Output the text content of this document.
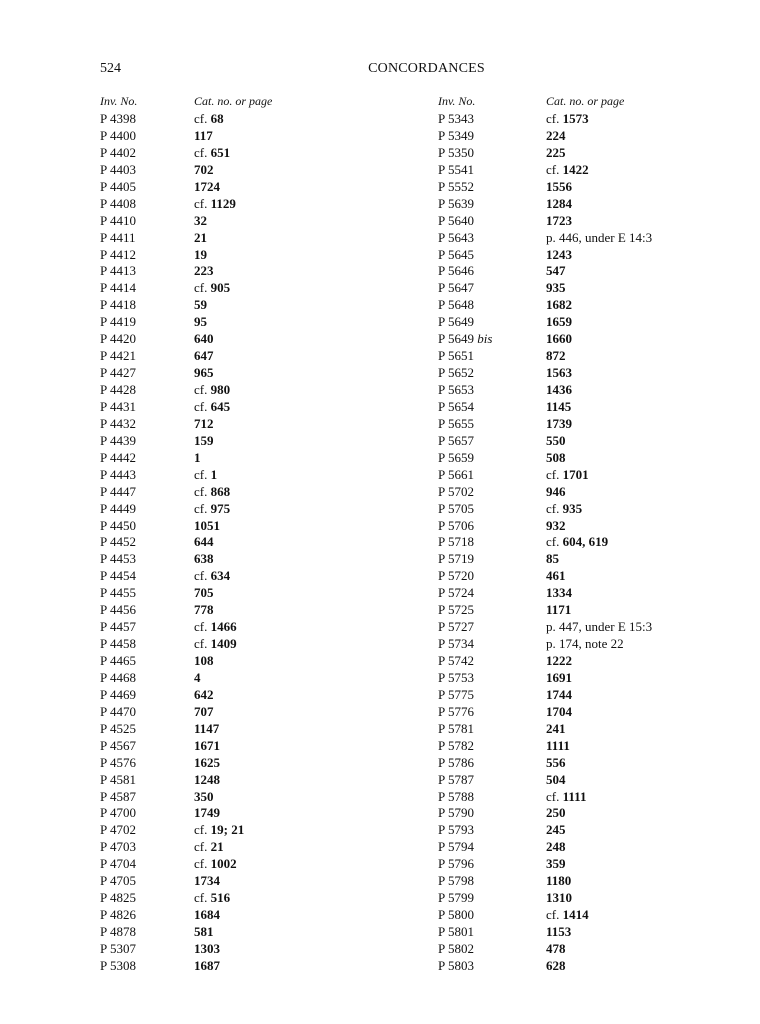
524	CONCORDANCES
Inv. No.	Cat. no. or page
P 4398	cf. 68
P 4400	117
P 4402	cf. 651
P 4403	702
P 4405	1724
P 4408	cf. 1129
P 4410	32
P 4411	21
P 4412	19
P 4413	223
P 4414	cf. 905
P 4418	59
P 4419	95
P 4420	640
P 4421	647
P 4427	965
P 4428	cf. 980
P 4431	cf. 645
P 4432	712
P 4439	159
P 4442	1
P 4443	cf. 1
P 4447	cf. 868
P 4449	cf. 975
P 4450	1051
P 4452	644
P 4453	638
P 4454	cf. 634
P 4455	705
P 4456	778
P 4457	cf. 1466
P 4458	cf. 1409
P 4465	108
P 4468	4
P 4469	642
P 4470	707
P 4525	1147
P 4567	1671
P 4576	1625
P 4581	1248
P 4587	350
P 4700	1749
P 4702	cf. 19; 21
P 4703	cf. 21
P 4704	cf. 1002
P 4705	1734
P 4825	cf. 516
P 4826	1684
P 4878	581
P 5307	1303
P 5308	1687
Inv. No.	Cat. no. or page
P 5343	cf. 1573
P 5349	224
P 5350	225
P 5541	cf. 1422
P 5552	1556
P 5639	1284
P 5640	1723
P 5643	p. 446, under E 14:3
P 5645	1243
P 5646	547
P 5647	935
P 5648	1682
P 5649	1659
P 5649 bis	1660
P 5651	872
P 5652	1563
P 5653	1436
P 5654	1145
P 5655	1739
P 5657	550
P 5659	508
P 5661	cf. 1701
P 5702	946
P 5705	cf. 935
P 5706	932
P 5718	cf. 604, 619
P 5719	85
P 5720	461
P 5724	1334
P 5725	1171
P 5727	p. 447, under E 15:3
P 5734	p. 174, note 22
P 5742	1222
P 5753	1691
P 5775	1744
P 5776	1704
P 5781	241
P 5782	1111
P 5786	556
P 5787	504
P 5788	cf. 1111
P 5790	250
P 5793	245
P 5794	248
P 5796	359
P 5798	1180
P 5799	1310
P 5800	cf. 1414
P 5801	1153
P 5802	478
P 5803	628
